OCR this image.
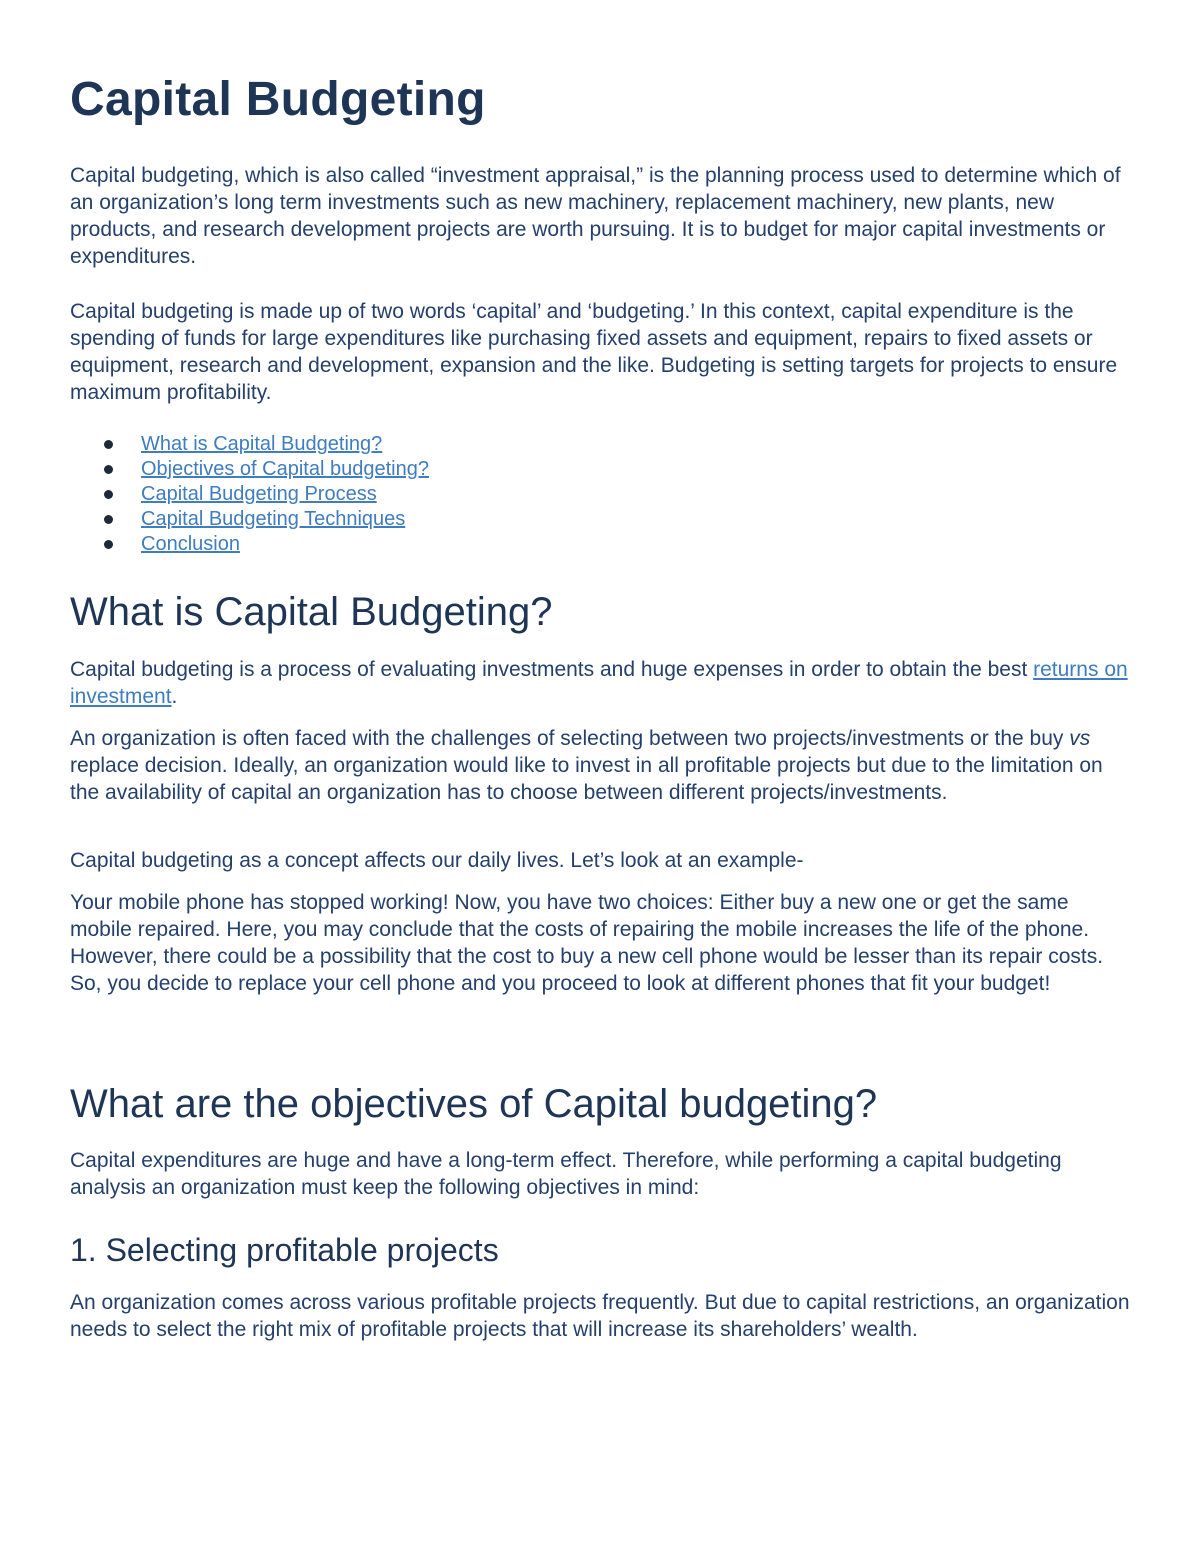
Capital Budgeting

Capital budgeting, which is also called “investment appraisal,” is the planning process used to determine which of an organization’s long term investments such as new machinery, replacement machinery, new plants, new products, and research development projects are worth pursuing. It is to budget for major capital investments or expenditures.

Capital budgeting is made up of two words ‘capital’ and ‘budgeting.’ In this context, capital expenditure is the spending of funds for large expenditures like purchasing fixed assets and equipment, repairs to fixed assets or equipment, research and development, expansion and the like. Budgeting is setting targets for projects to ensure maximum profitability.

What is Capital Budgeting?
Objectives of Capital budgeting?
Capital Budgeting Process
Capital Budgeting Techniques
Conclusion
What is Capital Budgeting?

Capital budgeting is a process of evaluating investments and huge expenses in order to obtain the best returns on investment.

An organization is often faced with the challenges of selecting between two projects/investments or the buy vs replace decision. Ideally, an organization would like to invest in all profitable projects but due to the limitation on the availability of capital an organization has to choose between different projects/investments.

Capital budgeting as a concept affects our daily lives. Let’s look at an example-

Your mobile phone has stopped working! Now, you have two choices: Either buy a new one or get the same mobile repaired. Here, you may conclude that the costs of repairing the mobile increases the life of the phone. However, there could be a possibility that the cost to buy a new cell phone would be lesser than its repair costs. So, you decide to replace your cell phone and you proceed to look at different phones that fit your budget!

What are the objectives of Capital budgeting?

Capital expenditures are huge and have a long-term effect. Therefore, while performing a capital budgeting analysis an organization must keep the following objectives in mind:

1. Selecting profitable projects

An organization comes across various profitable projects frequently. But due to capital restrictions, an organization needs to select the right mix of profitable projects that will increase its shareholders’ wealth.
